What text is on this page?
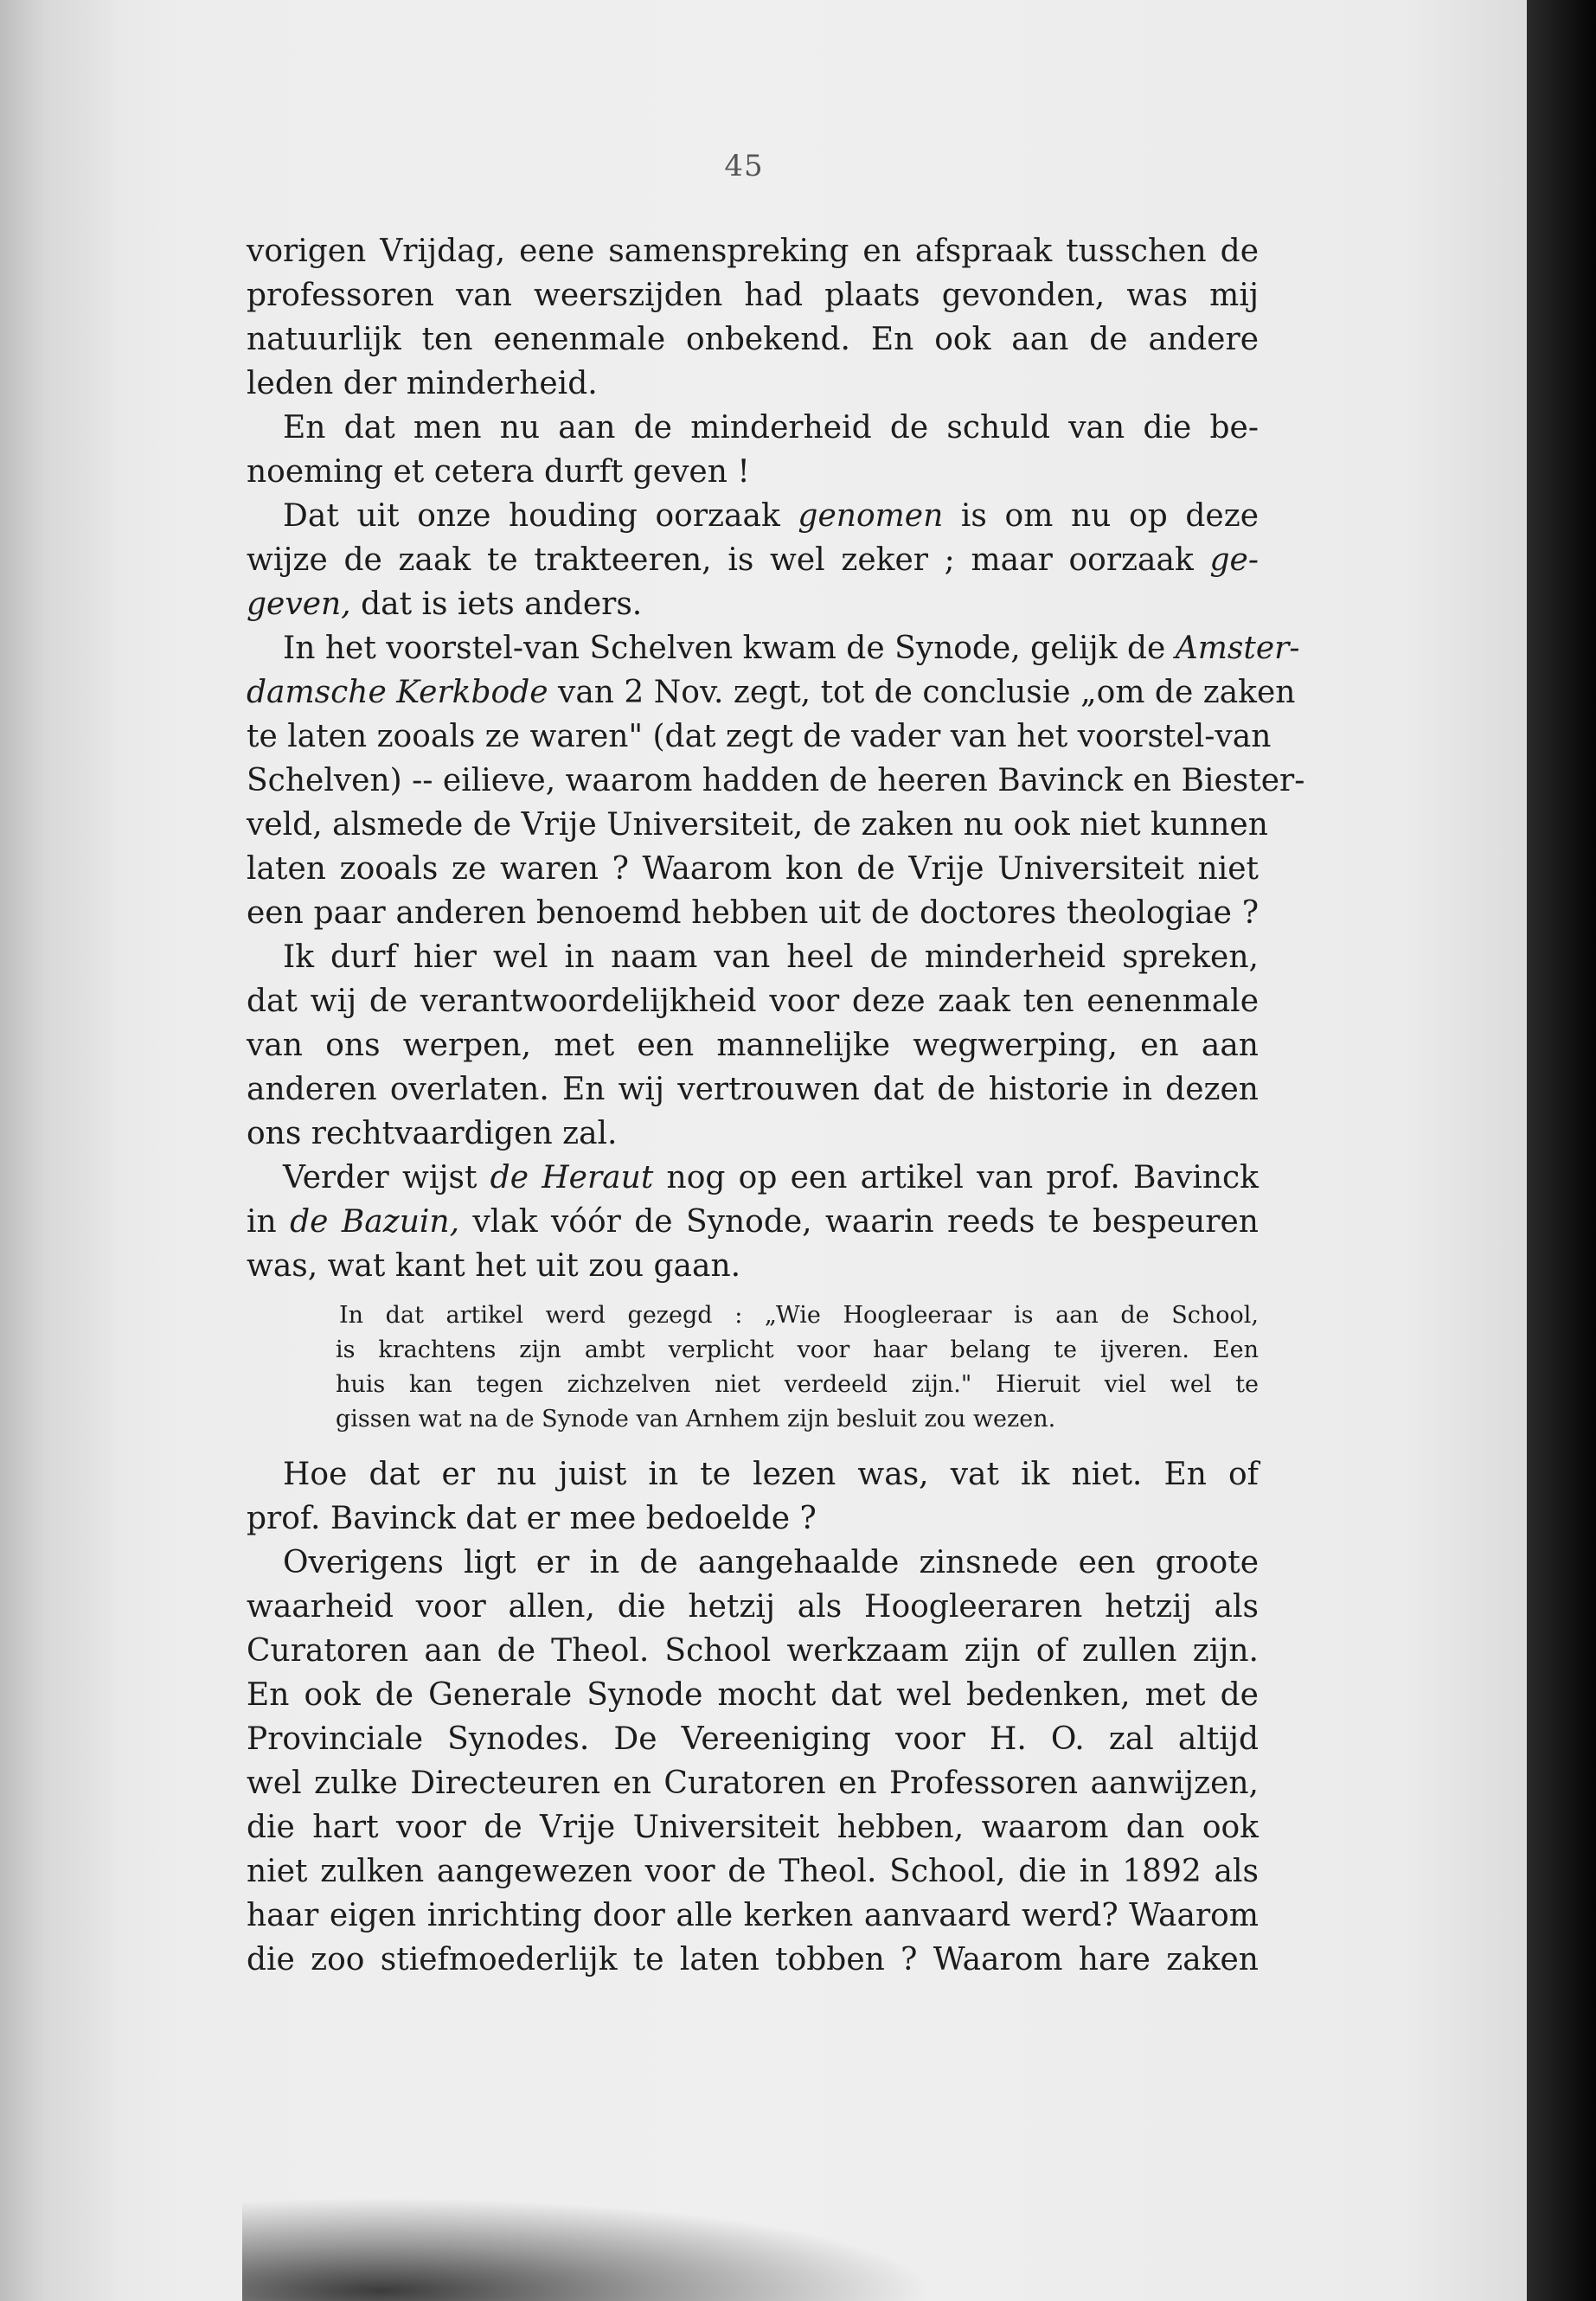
45
vorigen Vrijdag, eene samenspreking en afspraak tusschen de
professoren van weerszijden had plaats gevonden, was mij
natuurlijk ten eenenmale onbekend. En ook aan de andere
leden der minderheid.
En dat men nu aan de minderheid de schuld van die be-
noeming et cetera durft geven !
Dat uit onze houding oorzaak genomen is om nu op deze
wijze de zaak te trakteeren, is wel zeker ; maar oorzaak ge-
geven, dat is iets anders.
In het voorstel-van Schelven kwam de Synode, gelijk de Amster-
damsche Kerkbode van 2 Nov. zegt, tot de conclusie „om de zaken
te laten zooals ze waren" (dat zegt de vader van het voorstel-van
Schelven) -- eilieve, waarom hadden de heeren Bavinck en Biester-
veld, alsmede de Vrije Universiteit, de zaken nu ook niet kunnen
laten zooals ze waren ? Waarom kon de Vrije Universiteit niet
een paar anderen benoemd hebben uit de doctores theologiae ?
Ik durf hier wel in naam van heel de minderheid spreken,
dat wij de verantwoordelijkheid voor deze zaak ten eenenmale
van ons werpen, met een mannelijke wegwerping, en aan
anderen overlaten. En wij vertrouwen dat de historie in dezen
ons rechtvaardigen zal.
Verder wijst de Heraut nog op een artikel van prof. Bavinck
in de Bazuin, vlak vóór de Synode, waarin reeds te bespeuren
was, wat kant het uit zou gaan.
In dat artikel werd gezegd : „Wie Hoogleeraar is aan de School,
is krachtens zijn ambt verplicht voor haar belang te ijveren. Een
huis kan tegen zichzelven niet verdeeld zijn." Hieruit viel wel te
gissen wat na de Synode van Arnhem zijn besluit zou wezen.
Hoe dat er nu juist in te lezen was, vat ik niet. En of
prof. Bavinck dat er mee bedoelde ?
Overigens ligt er in de aangehaalde zinsnede een groote
waarheid voor allen, die hetzij als Hoogleeraren hetzij als
Curatoren aan de Theol. School werkzaam zijn of zullen zijn.
En ook de Generale Synode mocht dat wel bedenken, met de
Provinciale Synodes. De Vereeniging voor H. O. zal altijd
wel zulke Directeuren en Curatoren en Professoren aanwijzen,
die hart voor de Vrije Universiteit hebben, waarom dan ook
niet zulken aangewezen voor de Theol. School, die in 1892 als
haar eigen inrichting door alle kerken aanvaard werd? Waarom
die zoo stiefmoederlijk te laten tobben ? Waarom hare zaken
